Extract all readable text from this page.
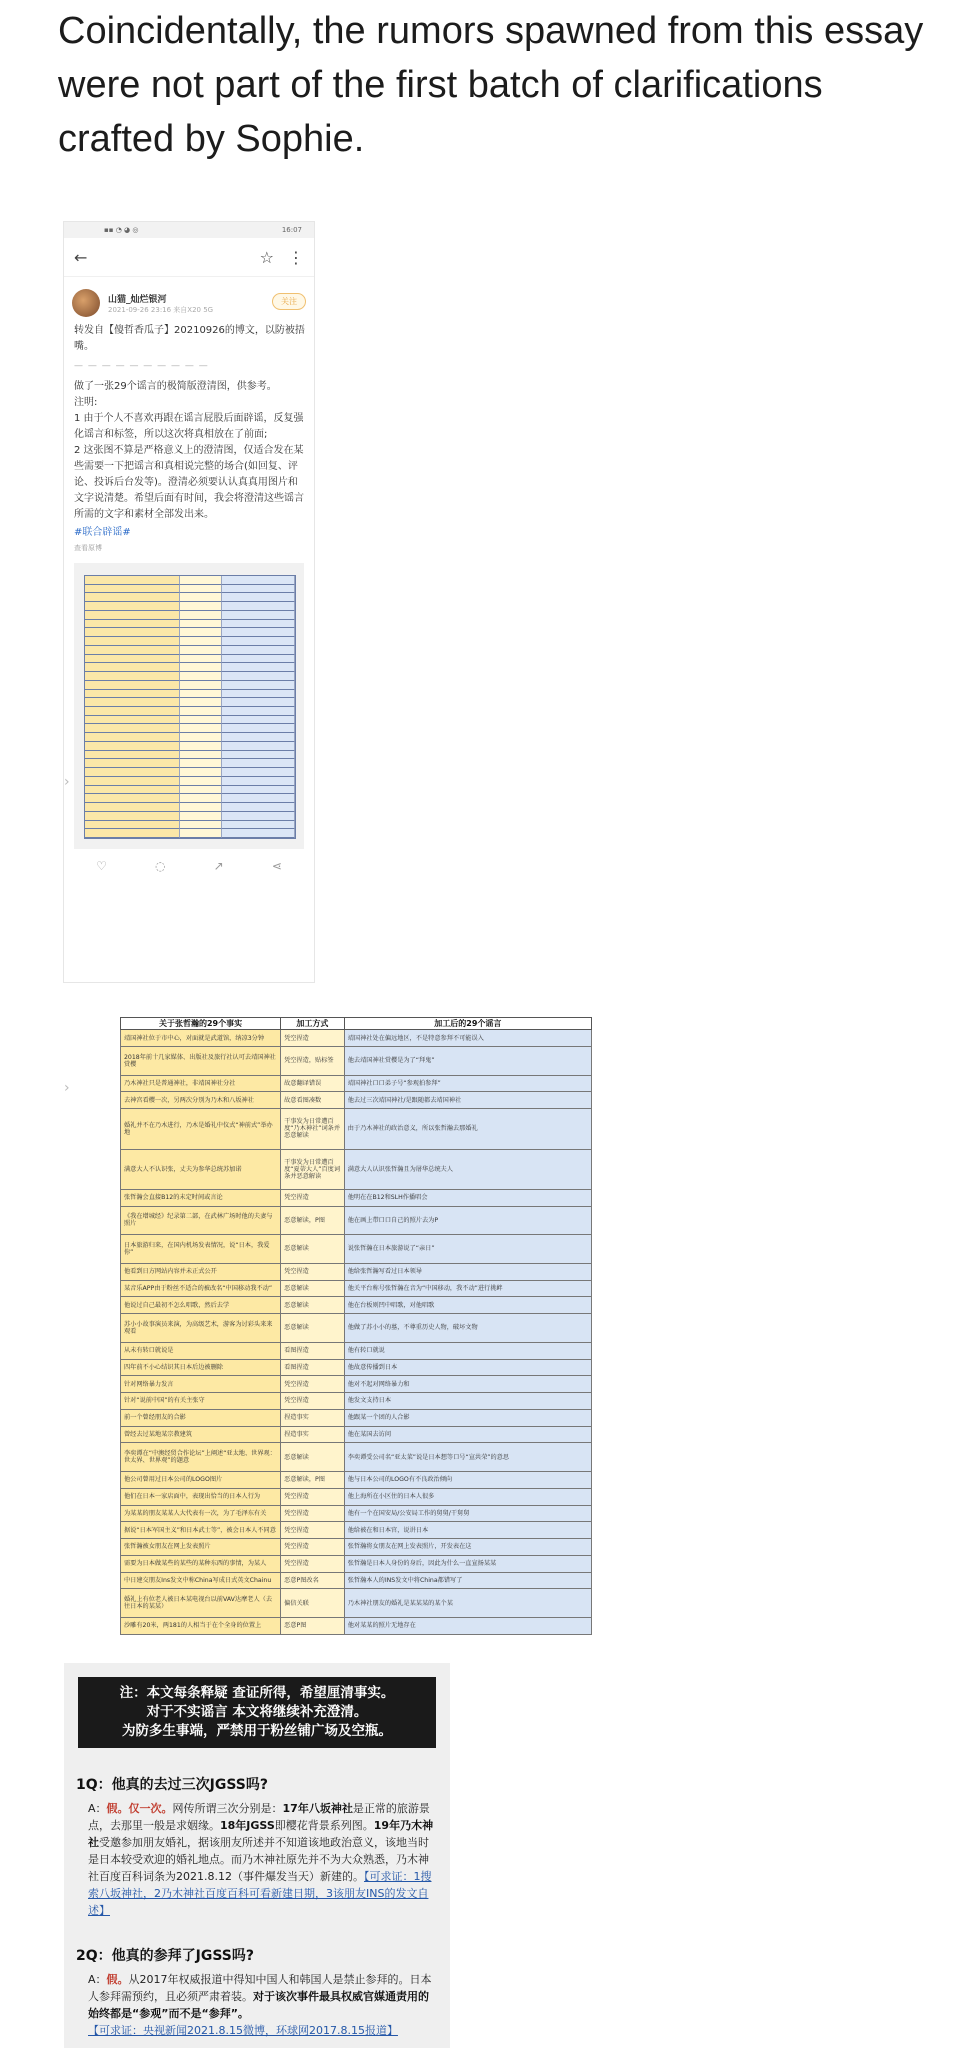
Coincidentally, the rumors spawned from this essay were not part of the first batch of clarifications crafted by Sophie.
▪▪ ◔ ◕ ◎	16:07
←	☆ ⋮
山猫_灿烂银河
2021-09-26 23:16 来自X20 5G
关注
转发自【傻哲香瓜子】20210926的博文，以防被捂嘴。
— — — — — — — — — —
做了一张29个谣言的极简版澄清图，供参考。
注明:
1 由于个人不喜欢再跟在谣言屁股后面辟谣，反复强化谣言和标签，所以这次将真相放在了前面;
2 这张图不算是严格意义上的澄清图，仅适合发在某些需要一下把谣言和真相说完整的场合(如回复、评论、投诉后台发等)。澄清必须要认认真真用图片和文字说清楚。希望后面有时间，我会将澄清这些谣言所需的文字和素材全部发出来。
#联合辟谣#
查看原博
♡	◌	↗	⋖
›
›
关于张哲瀚的29个事实	加工方式	加工后的29个谣言
靖国神社位于市中心，对面就是武道馆，纳凉3分钟	凭空捏造	靖国神社处在偏远地区，不是特意参拜不可能误入
2018年前十几家媒体、出版社及旅行社认可去靖国神社赏樱	凭空捏造，贴标签	他去靖国神社赏樱是为了“拜鬼”
乃木神社只是普通神社，非靖国神社分社	故意翻译错误	靖国神社口口弟子号“参观拍参拜”
去神宫看樱一次，另两次分别为乃木和八坂神社	故意看图凑数	他去过三次靖国神社/是跟随都去靖国神社
婚礼并不在乃木进行，乃木是婚礼中仪式“神前式”举办地	干事发为日常遭百度“乃木神社”词条并恶意解读	由于乃木神社的政治意义，所以张哲瀚去那婚礼
满意大人不认识张，丈夫为参华总统苏加诺	干事发为日常遭百度“夏蒂大人”百度词条并恶意解读	满意大人认识张哲瀚且为屠华总统夫人
张哲瀚会直接B12的未定时间或言论	凭空捏造	他明在在B12和SLH作播唱会
《我在增城经》纪录第二部，在武林广场时他的夫妻与照片	恶意解读，P图	他在画上带口口自己的照片去为P
日本旅游归来，在国内机场发表情况，说“日本，我爱你”	恶意解读	说张哲瀚在日本旅游说了“亲日”
他看到日方网站内容并未正式公开	凭空捏造	他给张哲瀚写看过日本领导
某音乐APP由于粉丝不适合的被改名“中国移动我不动”	恶意解读	他关平台称号张哲瀚在音为“中国移动，我不动”进行挑衅
他说过自己最初不怎么唱歌，然后去学	恶意解读	他在台板则凹中唱歌，对他唱歌
苏小小故事演员来演，为高级艺术，游客为讨彩头来来观看	恶意解读	他做了苏小小的墓，不尊重历史人物，破坏文物
从未有转口就说是	看图捏造	他有转口就说
四年前不小心结识其日本后边被删除	看图捏造	他故意传播到日本
针对网络暴力发言	凭空捏造	他对不起对网络暴力和
针对“说前中国”的有关主张守	凭空捏造	他发文支持日本
前一个曾经朋友的合影	捏造事实	他跟某一个团的人合影
曾经去过某地某宗教建筑	捏造事实	他在某国去访问
李奕谭在“中澳经贸合作论坛”上阐述“亚太地、世界观：世太界、世界观”的题意	恶意解读	李奕谭受公司名“亚太菜”说是日本想等口号“宣共荣”的意思
他公司曾用过日本公司的LOGO图片	恶意解读，P图	他与日本公司的LOGO有不良政治倾向
他们在日本一家店面中，表现出恰当的日本人行为	凭空捏造	他上海所在小区住的日本人很多
为某某的朋友某某人大代表有一次，为了毛泽东有关	凭空捏造	他有一个在国安局/公安局工作的舅舅/干舅舅
据说“日本军国主义”和日本武士等”，被会日本人不同意	凭空捏造	他给被在和日本官，说讲日本
张哲瀚被女朋友在网上发表照片	凭空捏造	张哲瀚将女朋友在网上发表照片，开发表在这
需要为日本做某些的某些的某种东西的事情，为某人	凭空捏造	张哲瀚是日本人身份的身后，因此为什么一直宣扬某某
中日建交朋友Ins发文中称China写成日式英文Chainu	恶意P图改名	张哲瀚本人的INS发文中将China都错写了
婚礼上有位老人被日本某电视台以前VAV达摩老人（去往日本的某某）	偏信关联	乃木神社朋友的婚礼是某某某的某个某
沙雕有20米，两181的人相当于在个全身的位置上	恶意P图	他对某某的照片无地存在
注：本文每条释疑 查证所得，希望厘清事实。
对于不实谣言 本文将继续补充澄清。
为防多生事端，严禁用于粉丝铺广场及空瓶。
1Q：他真的去过三次JGSS吗?
A：假。仅一次。网传所谓三次分别是：17年八坂神社是正常的旅游景点，去那里一般是求姻缘。18年JGSS即樱花背景系列图。19年乃木神社受邀参加朋友婚礼，据该朋友所述并不知道该地政治意义，该地当时是日本较受欢迎的婚礼地点。而乃木神社原先并不为大众熟悉，乃木神社百度百科词条为2021.8.12（事件爆发当天）新建的。【可求证：1搜索八坂神社，2乃木神社百度百科可看新建日期，3该朋友INS的发文自述】
2Q：他真的参拜了JGSS吗?
A：假。从2017年权威报道中得知中国人和韩国人是禁止参拜的。日本人参拜需预约，且必须严肃着装。对于该次事件最具权威官媒通责用的始终都是“参观”而不是“参拜”。
【可求证：央视新闻2021.8.15微博，环球网2017.8.15报道】
